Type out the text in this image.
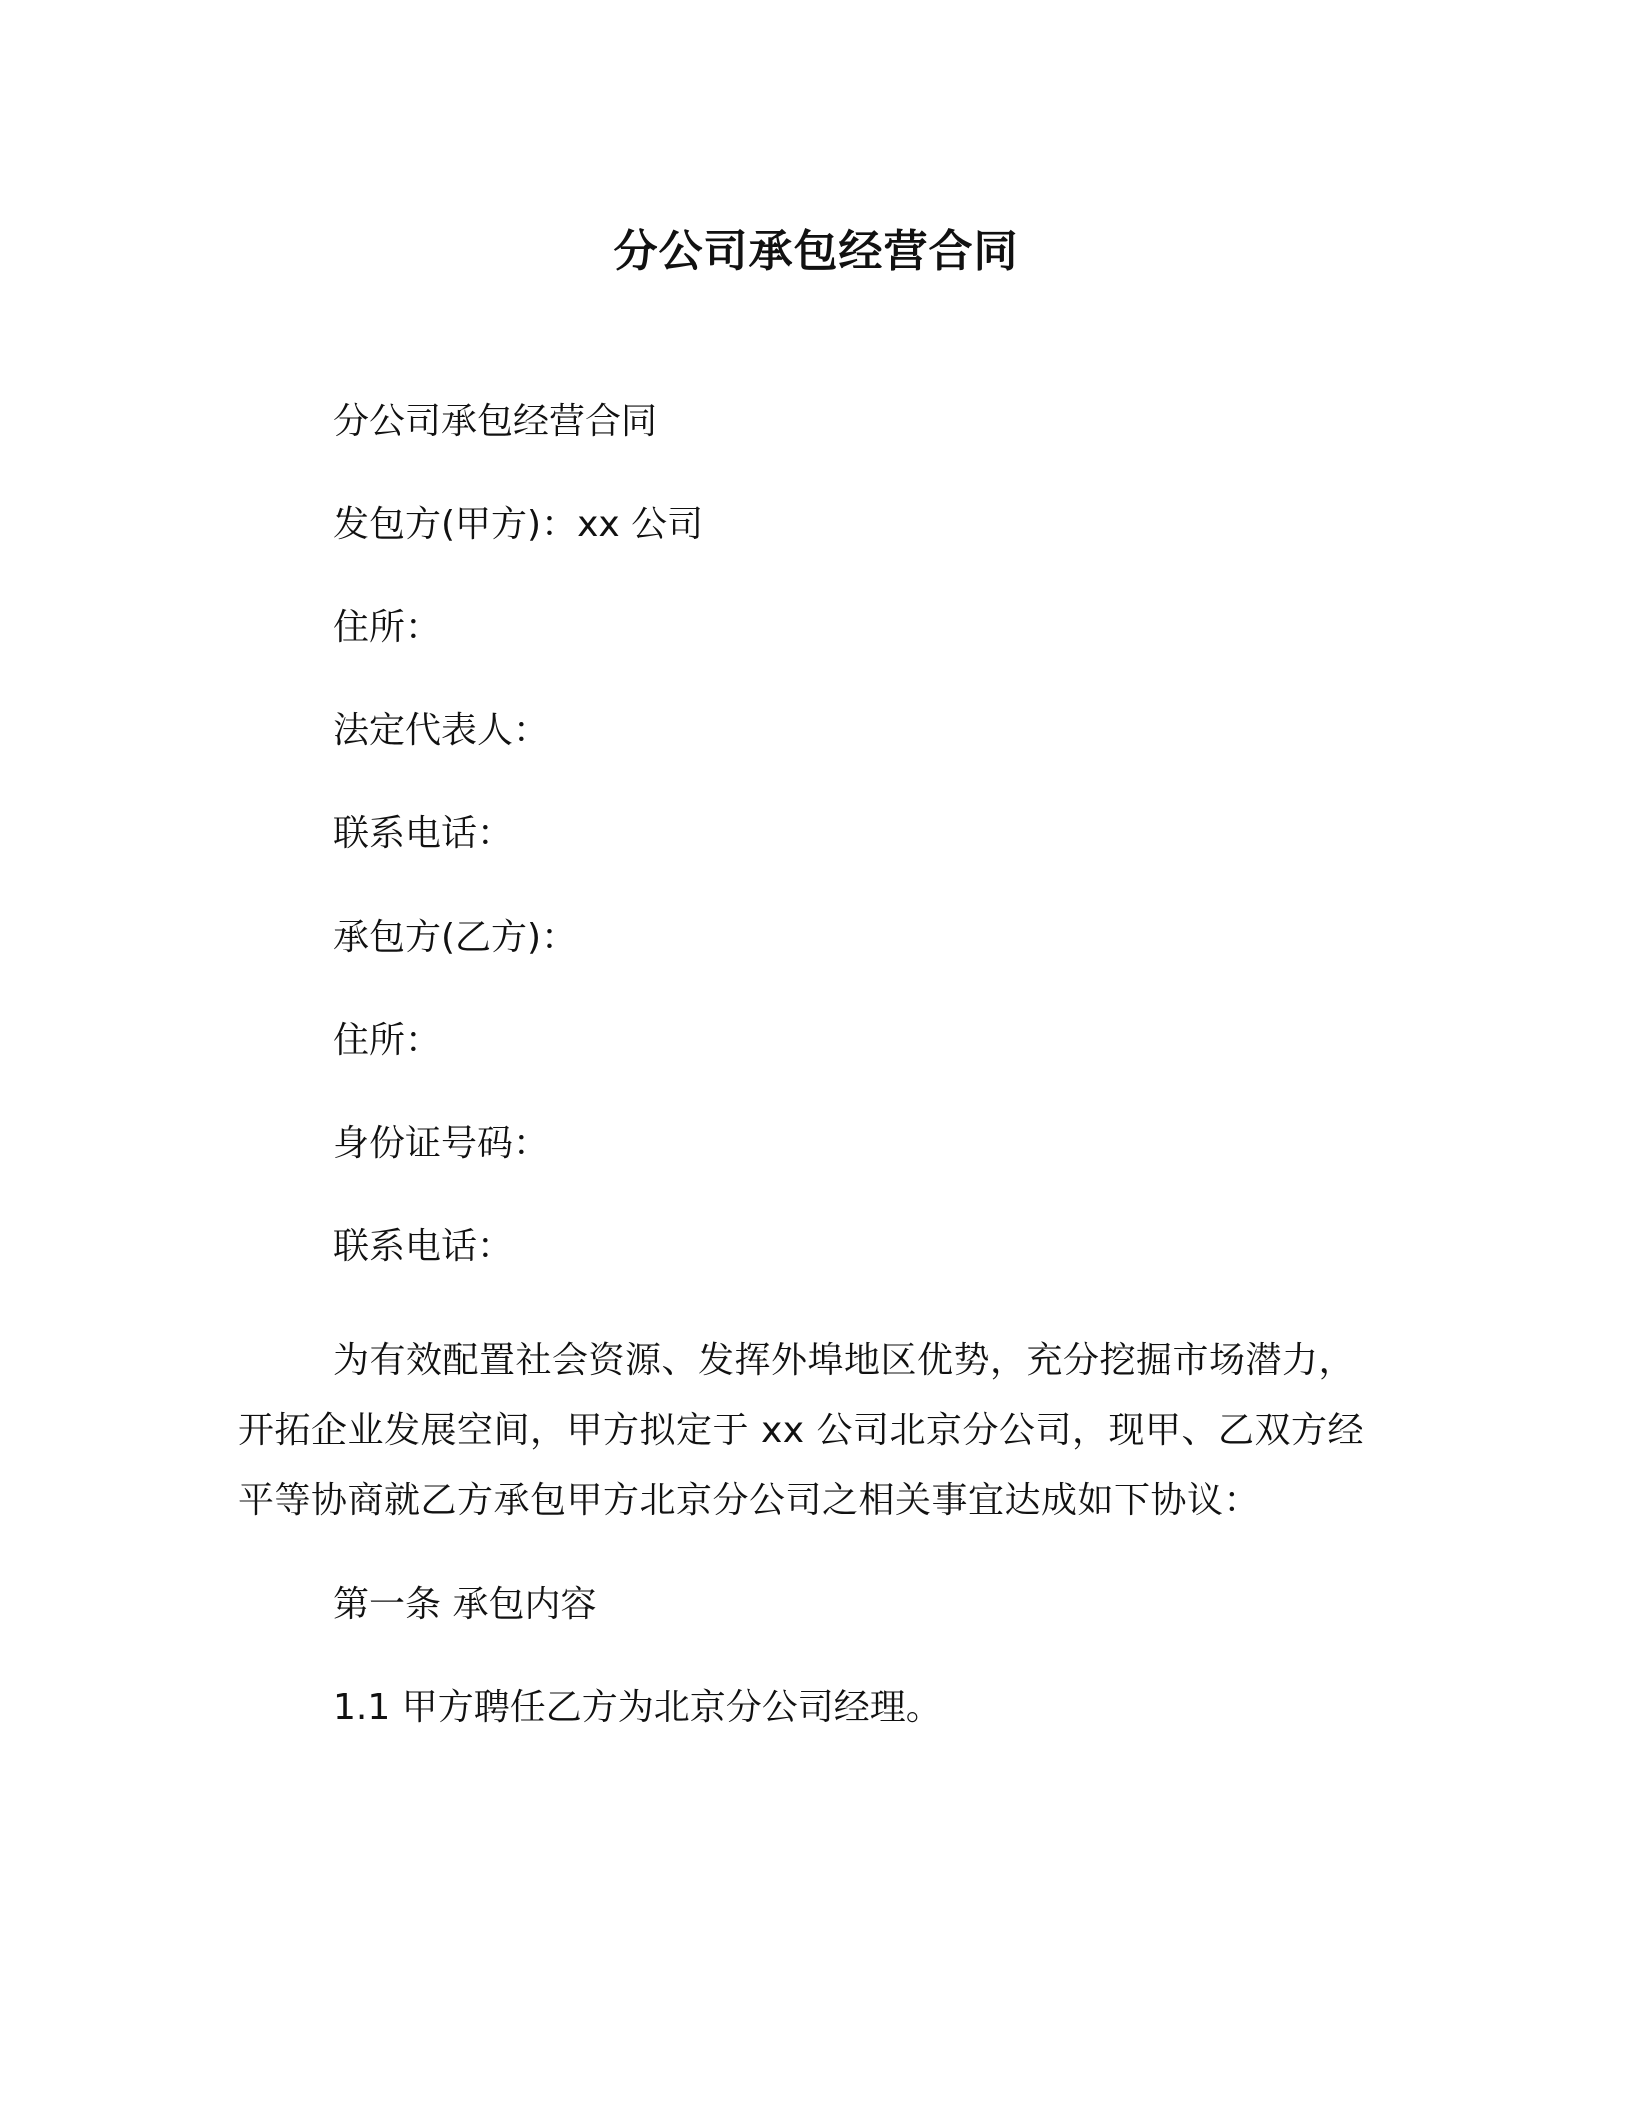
分公司承包经营合同
分公司承包经营合同
发包方(甲方)：xx 公司
住所：
法定代表人：
联系电话：
承包方(乙方)：
住所：
身份证号码：
联系电话：
为有效配置社会资源、发挥外埠地区优势，充分挖掘市场潜力，开拓企业发展空间，甲方拟定于 xx 公司北京分公司，现甲、乙双方经平等协商就乙方承包甲方北京分公司之相关事宜达成如下协议：
第一条 承包内容
1.1 甲方聘任乙方为北京分公司经理。
